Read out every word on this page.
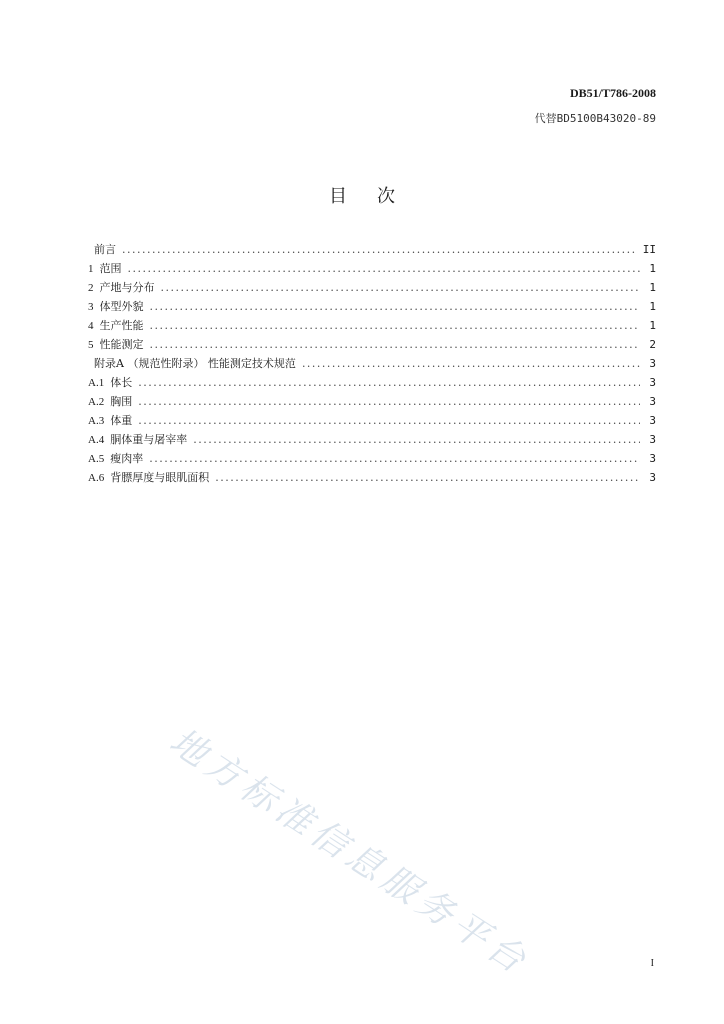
DB51/T786-2008
代替BD5100B43020-89
目次
前言 .....	II
1 范围 .....	1
2 产地与分布 .....	1
3 体型外貌 .....	1
4 生产性能 .....	1
5 性能测定 .....	2
附录A （规范性附录） 性能测定技术规范 .....	3
A.1 体长 .....	3
A.2 胸围 .....	3
A.3 体重 .....	3
A.4 胴体重与屠宰率 .....	3
A.5 瘦肉率 .....	3
A.6 背膘厚度与眼肌面积 .....	3
地方标准信息服务平台	I
